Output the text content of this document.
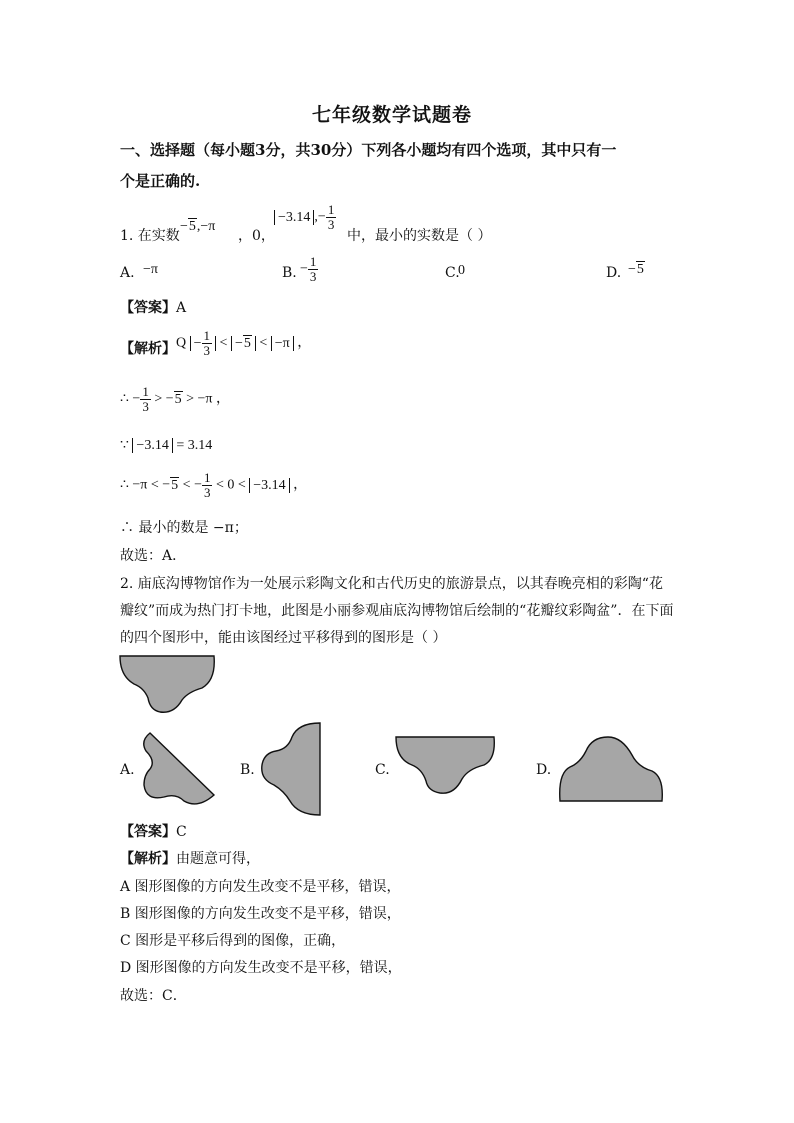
七年级数学试题卷
一、选择题（每小题3分，共30分）下列各小题均有四个选项，其中只有一
个是正确的.
1. 在实数
−5,−π
，0，
−3.14 ,− $\frac{1}{3}$
中，最小的实数是（ ）
A. −π	B. − $\frac{1}{3}$	C.
0	D. −5
【答案】A
【解析】 $Q - \frac{1}{3} < -5 < -\pi$ ，
∴ − $\frac{1}{3} > -5 > -\pi$ ，
∵ −3.14 = 3.14
∴ −π < −5 < − $\frac{1}{3} < 0 < -3.14$ ，
∴ 最小的数是 −π；
故选：A．
2. 庙底沟博物馆作为一处展示彩陶文化和古代历史的旅游景点，以其春晚亮相的彩陶“花
瓣纹”而成为热门打卡地，此图是小丽参观庙底沟博物馆后绘制的“花瓣纹彩陶盆”．在下面
的四个图形中，能由该图经过平移得到的图形是（ ）
A.	B.	C.	D.
【答案】C
【解析】由题意可得，
A 图形图像的方向发生改变不是平移，错误，
B 图形图像的方向发生改变不是平移，错误，
C 图形是平移后得到的图像，正确，
D 图形图像的方向发生改变不是平移，错误，
故选：C．
